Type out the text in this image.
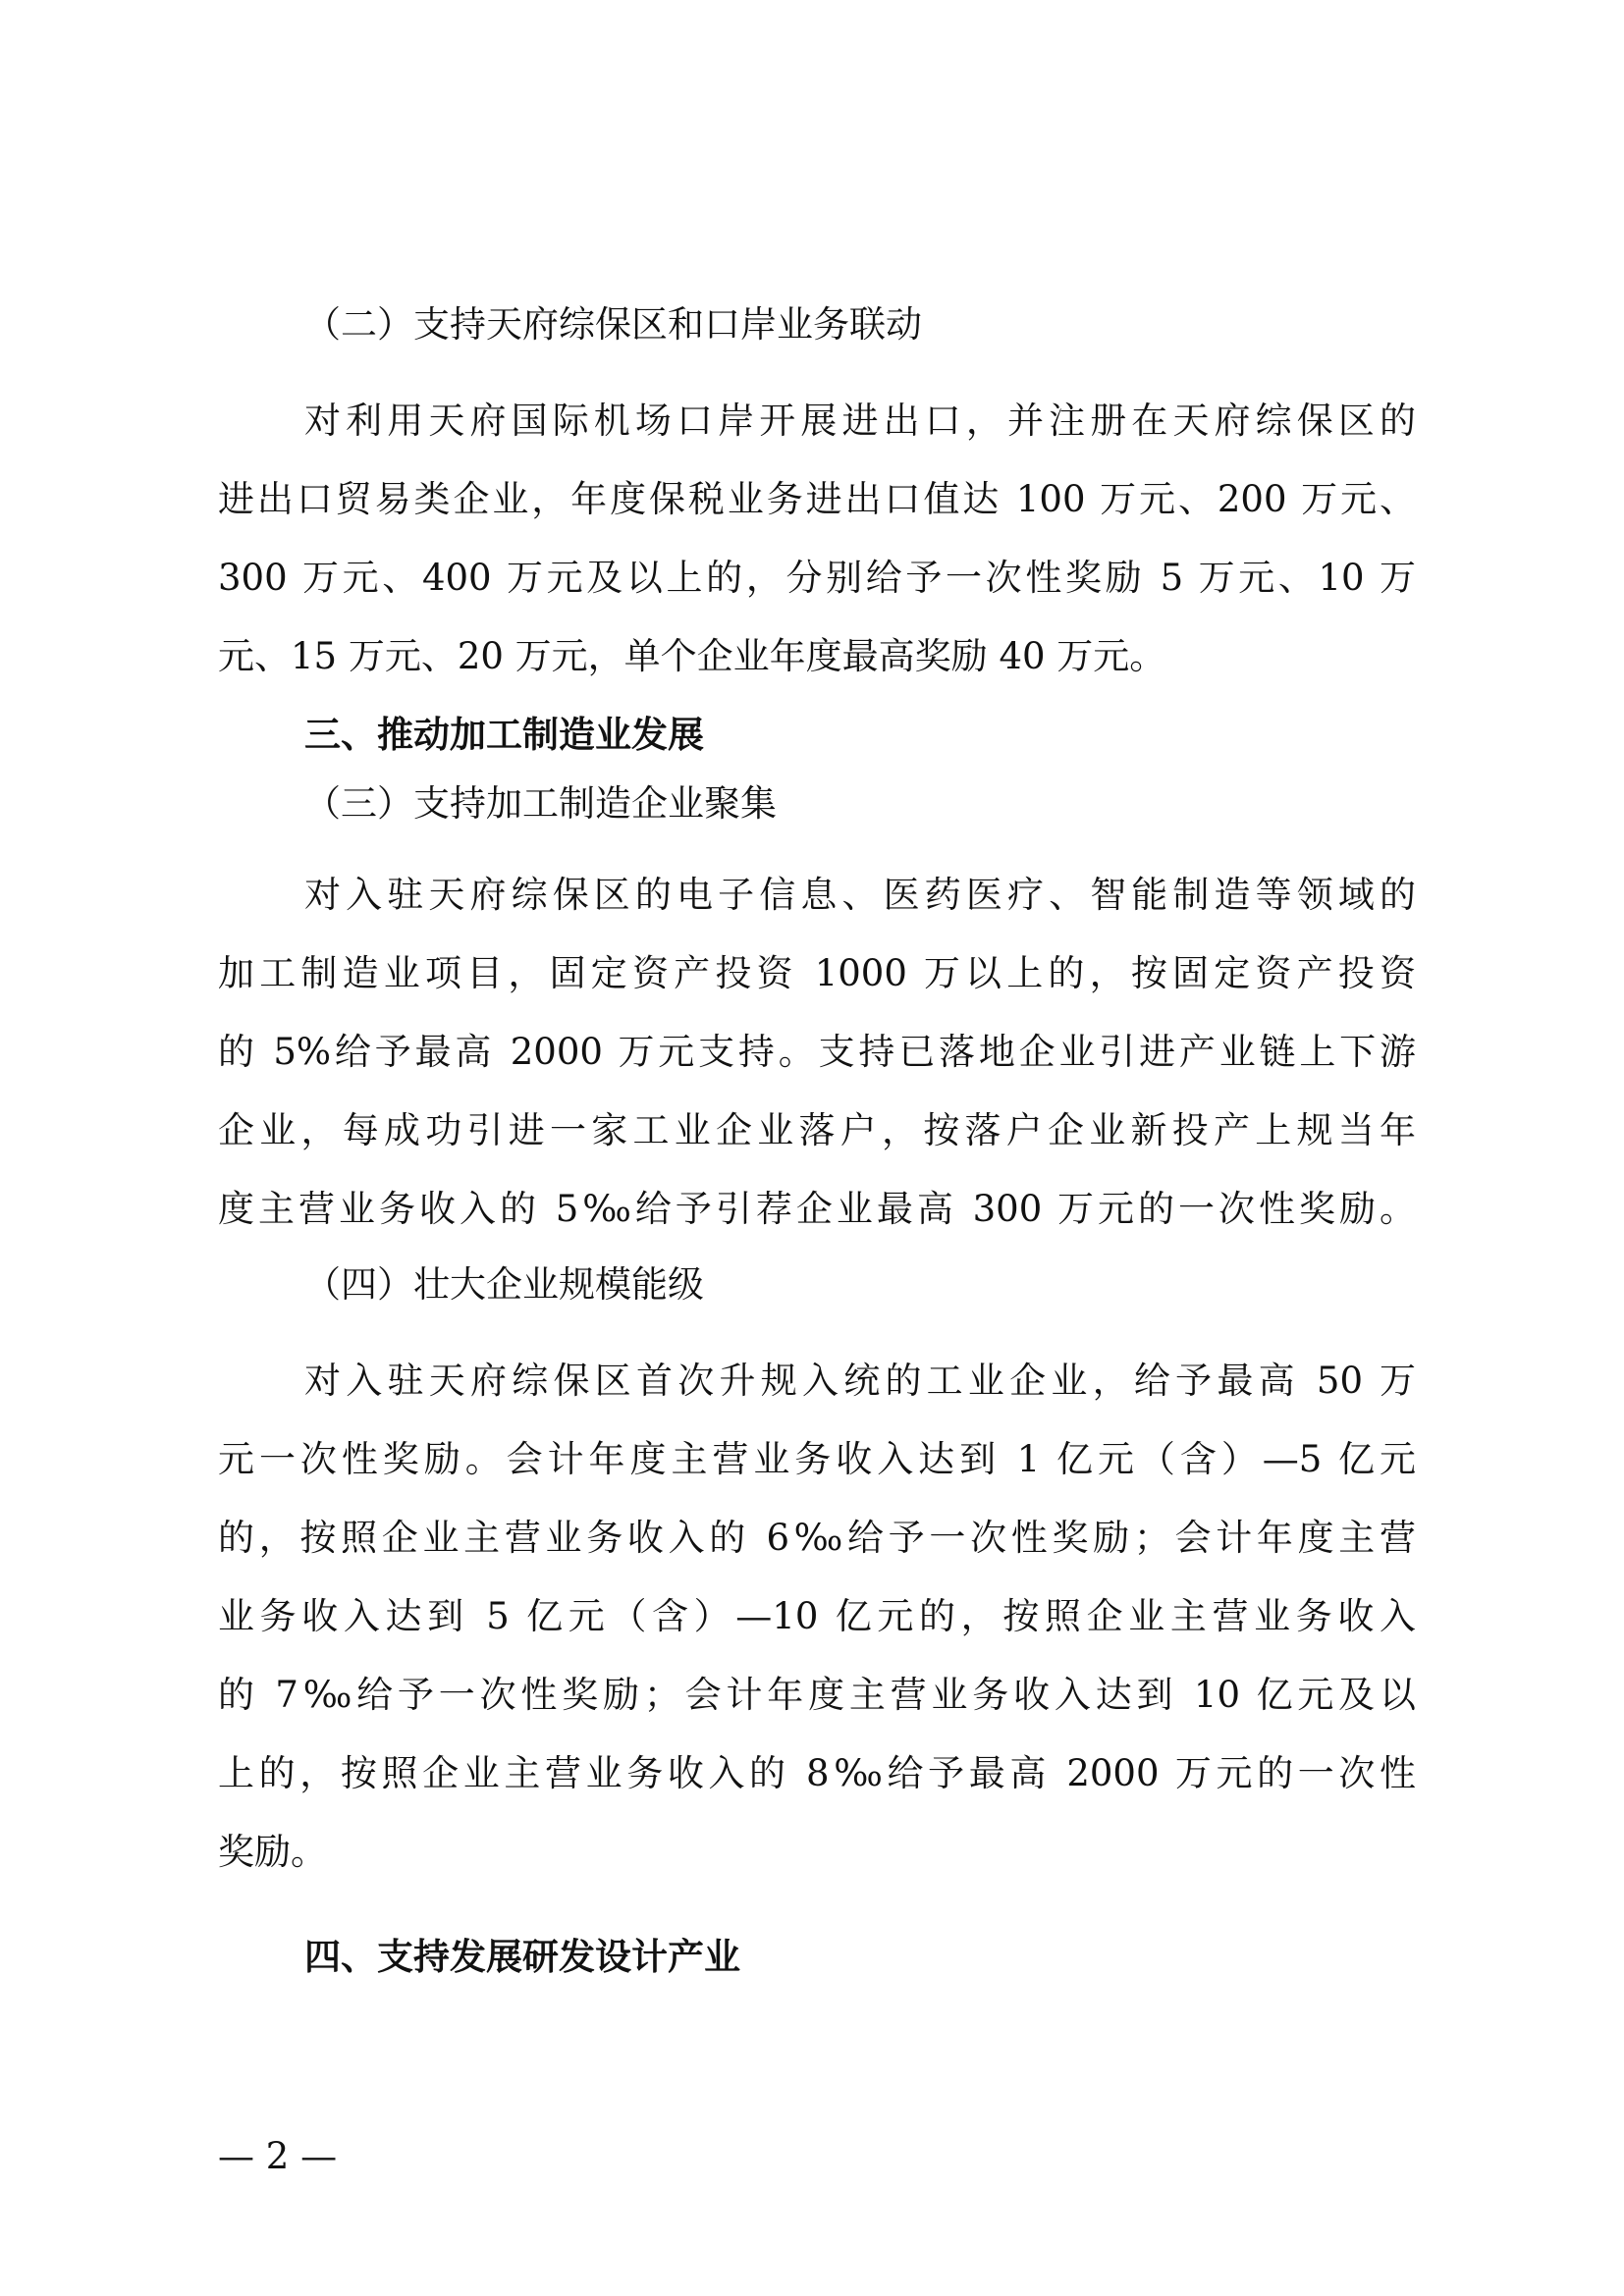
（二）支持天府综保区和口岸业务联动
对利用天府国际机场口岸开展进出口，并注册在天府综保区的
进出口贸易类企业，年度保税业务进出口值达 100 万元、200 万元、
300 万元、400 万元及以上的，分别给予一次性奖励 5 万元、10 万
元、15 万元、20 万元，单个企业年度最高奖励 40 万元。
三、推动加工制造业发展
（三）支持加工制造企业聚集
对入驻天府综保区的电子信息、医药医疗、智能制造等领域的
加工制造业项目，固定资产投资 1000 万以上的，按固定资产投资
的 5%给予最高 2000 万元支持。支持已落地企业引进产业链上下游
企业，每成功引进一家工业企业落户，按落户企业新投产上规当年
度主营业务收入的 5‰给予引荐企业最高 300 万元的一次性奖励。
（四）壮大企业规模能级
对入驻天府综保区首次升规入统的工业企业，给予最高 50 万
元一次性奖励。会计年度主营业务收入达到 1 亿元（含）—5 亿元
的，按照企业主营业务收入的 6‰给予一次性奖励；会计年度主营
业务收入达到 5 亿元（含）—10 亿元的，按照企业主营业务收入
的 7‰给予一次性奖励；会计年度主营业务收入达到 10 亿元及以
上的，按照企业主营业务收入的 8‰给予最高 2000 万元的一次性
奖励。
四、支持发展研发设计产业
— 2 —
